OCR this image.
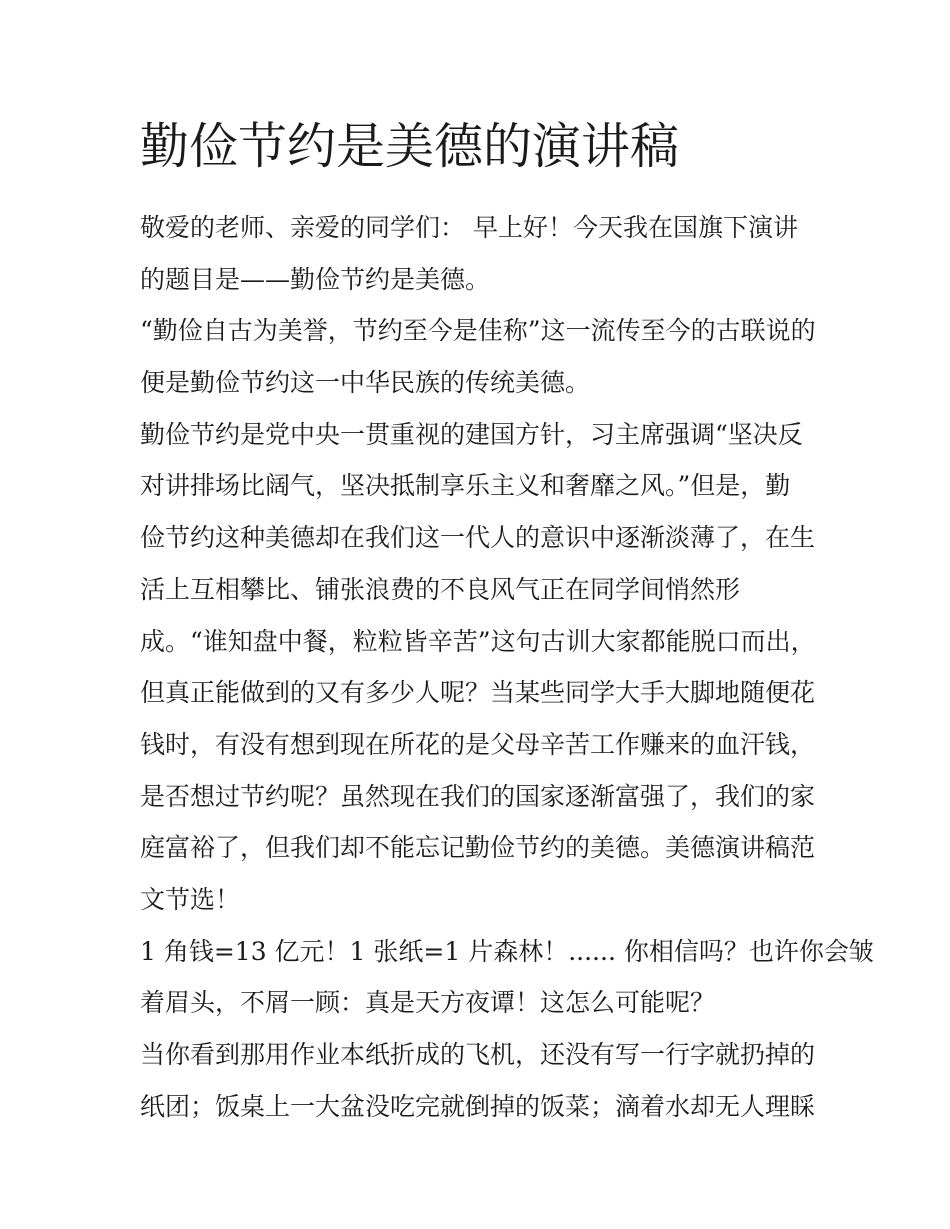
勤俭节约是美德的演讲稿
敬爱的老师、亲爱的同学们： 早上好！今天我在国旗下演讲
的题目是——勤俭节约是美德。
“勤俭自古为美誉，节约至今是佳称”这一流传至今的古联说的
便是勤俭节约这一中华民族的传统美德。
勤俭节约是党中央一贯重视的建国方针，习主席强调“坚决反
对讲排场比阔气，坚决抵制享乐主义和奢靡之风。”但是，勤
俭节约这种美德却在我们这一代人的意识中逐渐淡薄了，在生
活上互相攀比、铺张浪费的不良风气正在同学间悄然形
成。“谁知盘中餐，粒粒皆辛苦”这句古训大家都能脱口而出，
但真正能做到的又有多少人呢？当某些同学大手大脚地随便花
钱时，有没有想到现在所花的是父母辛苦工作赚来的血汗钱，
是否想过节约呢？虽然现在我们的国家逐渐富强了，我们的家
庭富裕了，但我们却不能忘记勤俭节约的美德。美德演讲稿范
文节选！
1 角钱=13 亿元！1 张纸=1 片森林！...... 你相信吗？也许你会皱
着眉头，不屑一顾：真是天方夜谭！这怎么可能呢？
当你看到那用作业本纸折成的飞机，还没有写一行字就扔掉的
纸团；饭桌上一大盆没吃完就倒掉的饭菜；滴着水却无人理睬
